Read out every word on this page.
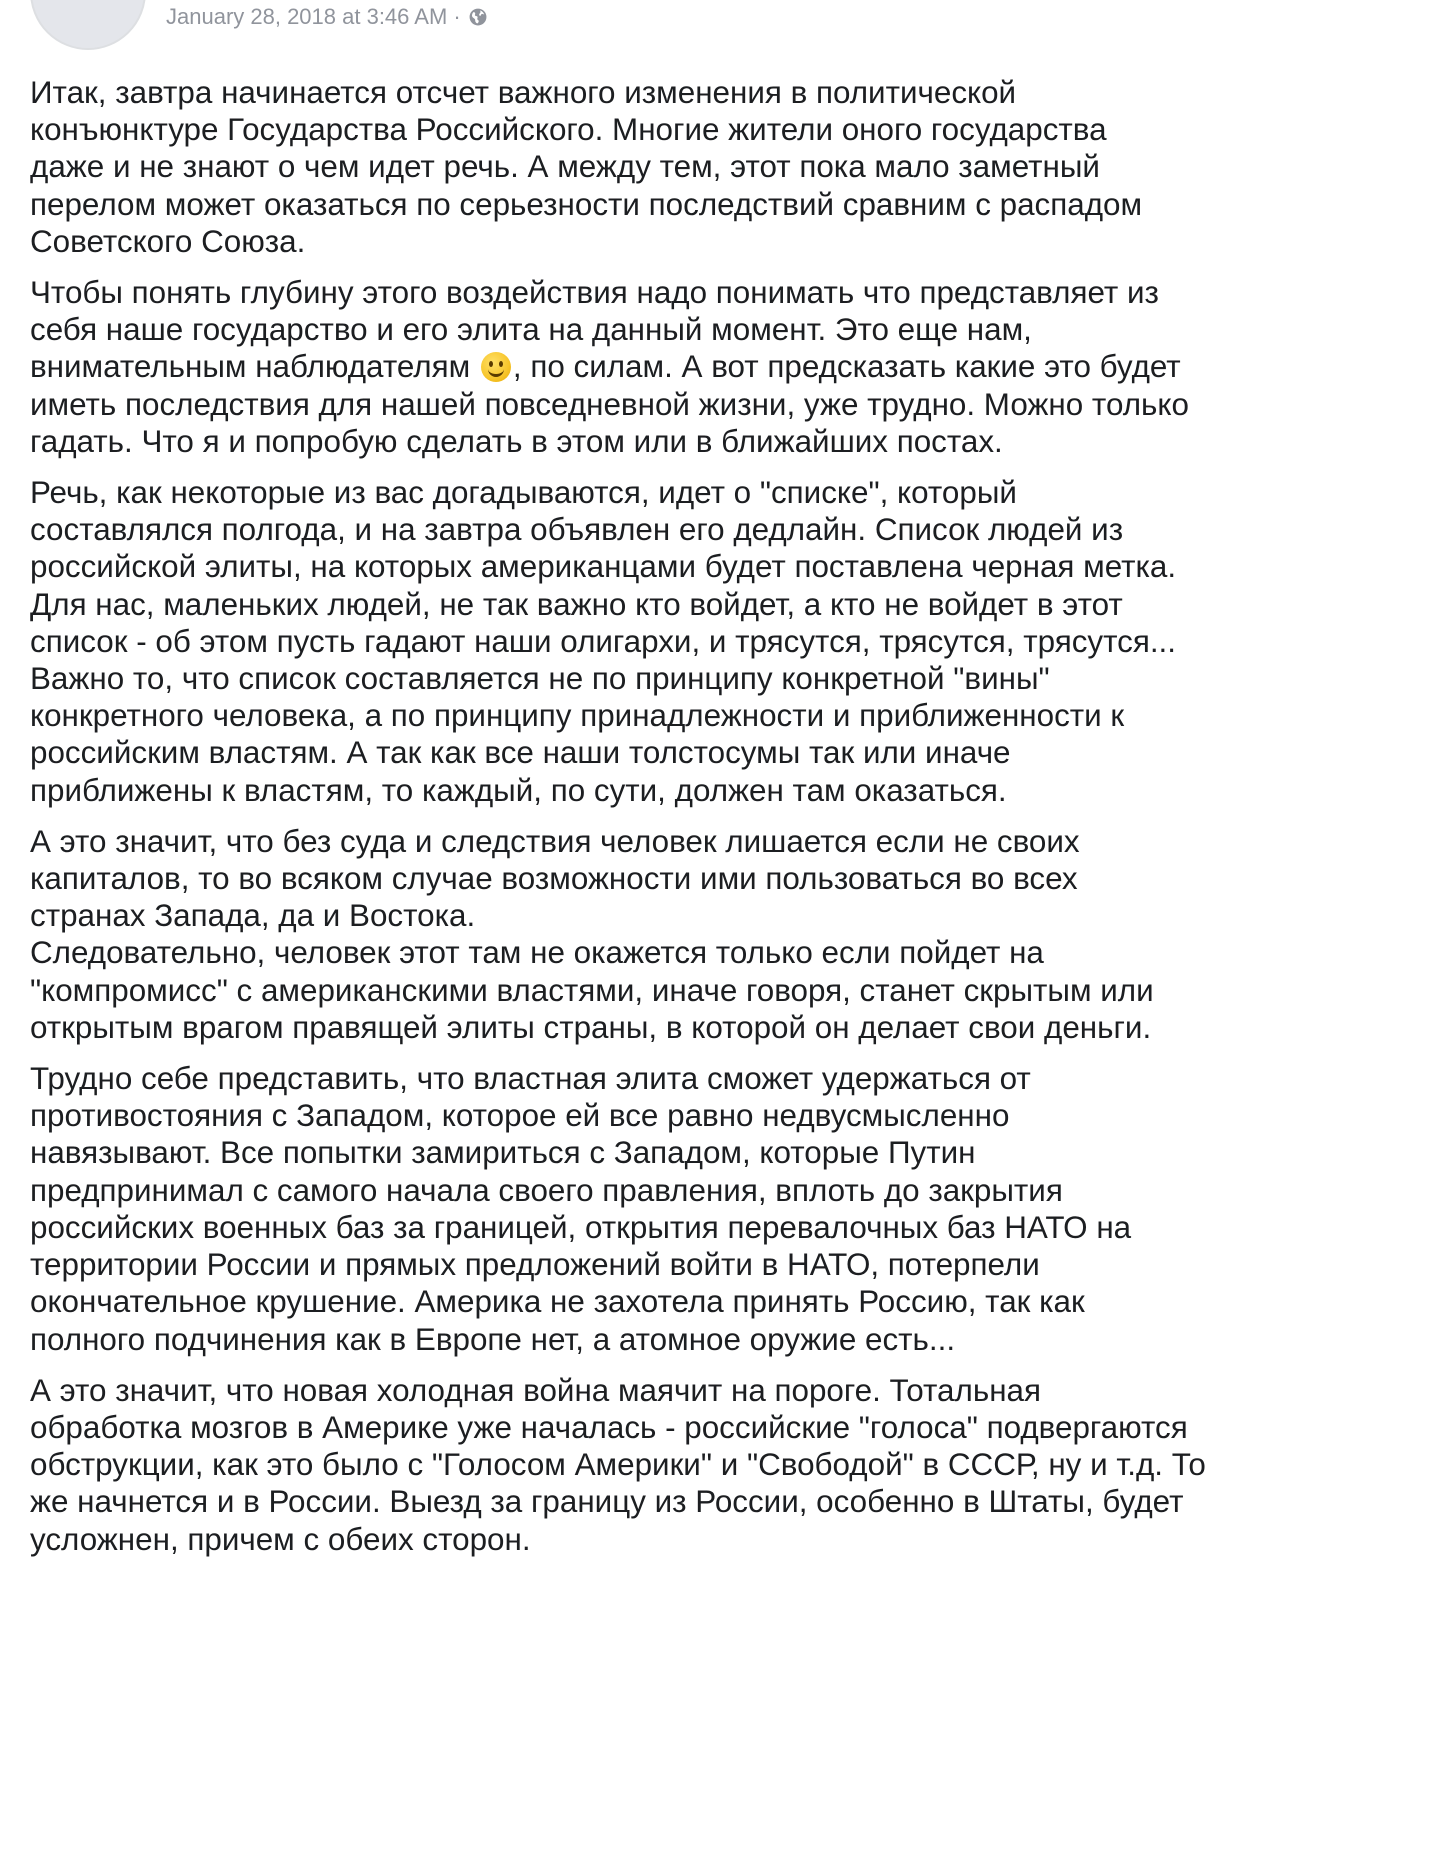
January 28, 2018 at 3:46 AM ·
Итак, завтра начинается отсчет важного изменения в политической
конъюнктуре Государства Российского. Многие жители оного государства
даже и не знают о чем идет речь. А между тем, этот пока мало заметный
перелом может оказаться по серьезности последствий сравним с распадом
Советского Союза.
Чтобы понять глубину этого воздействия надо понимать что представляет из
себя наше государство и его элита на данный момент. Это еще нам,
внимательным наблюдателям , по силам. А вот предсказать какие это будет
иметь последствия для нашей повседневной жизни, уже трудно. Можно только
гадать. Что я и попробую сделать в этом или в ближайших постах.
Речь, как некоторые из вас догадываются, идет о "списке", который
составлялся полгода, и на завтра объявлен его дедлайн. Список людей из
российской элиты, на которых американцами будет поставлена черная метка.
Для нас, маленьких людей, не так важно кто войдет, а кто не войдет в этот
список - об этом пусть гадают наши олигархи, и трясутся, трясутся, трясутся...
Важно то, что список составляется не по принципу конкретной "вины"
конкретного человека, а по принципу принадлежности и приближенности к
российским властям. А так как все наши толстосумы так или иначе
приближены к властям, то каждый, по сути, должен там оказаться.
А это значит, что без суда и следствия человек лишается если не своих
капиталов, то во всяком случае возможности ими пользоваться во всех
странах Запада, да и Востока.
Следовательно, человек этот там не окажется только если пойдет на
"компромисс" с американскими властями, иначе говоря, станет скрытым или
открытым врагом правящей элиты страны, в которой он делает свои деньги.
Трудно себе представить, что властная элита сможет удержаться от
противостояния с Западом, которое ей все равно недвусмысленно
навязывают. Все попытки замириться с Западом, которые Путин
предпринимал с самого начала своего правления, вплоть до закрытия
российских военных баз за границей, открытия перевалочных баз НАТО на
территории России и прямых предложений войти в НАТО, потерпели
окончательное крушение. Америка не захотела принять Россию, так как
полного подчинения как в Европе нет, а атомное оружие есть...
А это значит, что новая холодная война маячит на пороге. Тотальная
обработка мозгов в Америке уже началась - российские "голоса" подвергаются
обструкции, как это было с "Голосом Америки" и "Свободой" в СССР, ну и т.д. То
же начнется и в России. Выезд за границу из России, особенно в Штаты, будет
усложнен, причем с обеих сторон.
